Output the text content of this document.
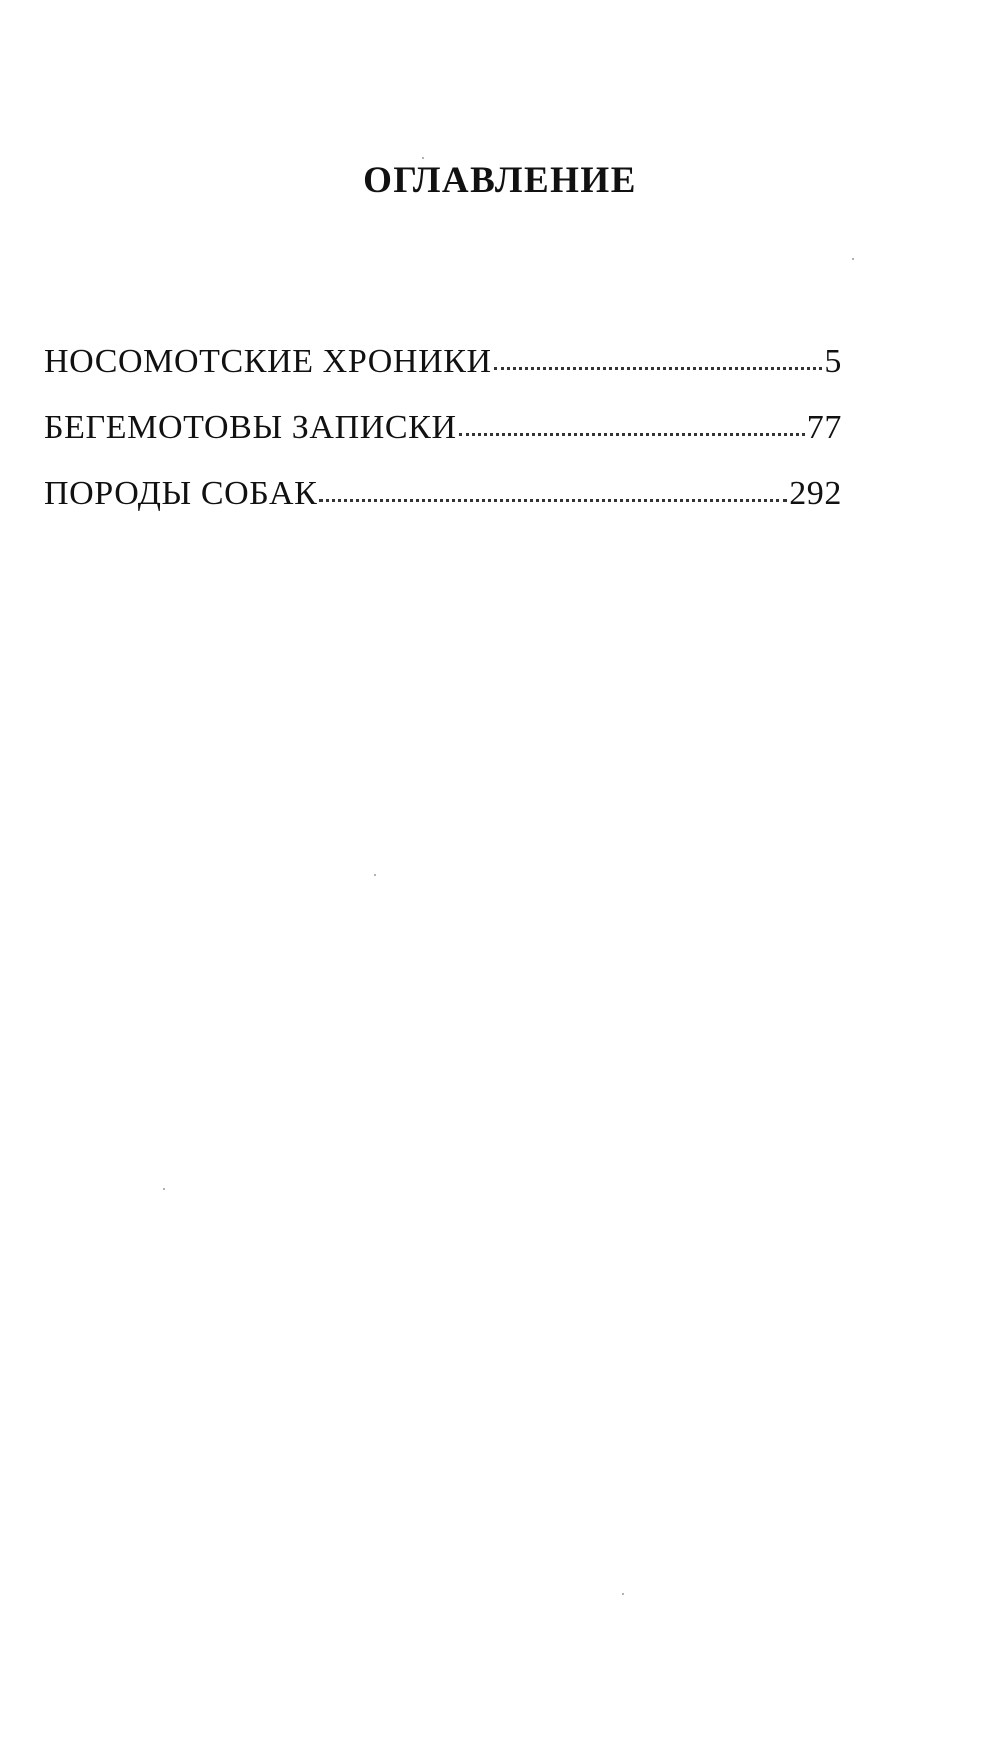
ОГЛАВЛЕНИЕ
НОСОМОТСКИЕ ХРОНИКИ	5
БЕГЕМОТОВЫ ЗАПИСКИ	77
ПОРОДЫ СОБАК	292
